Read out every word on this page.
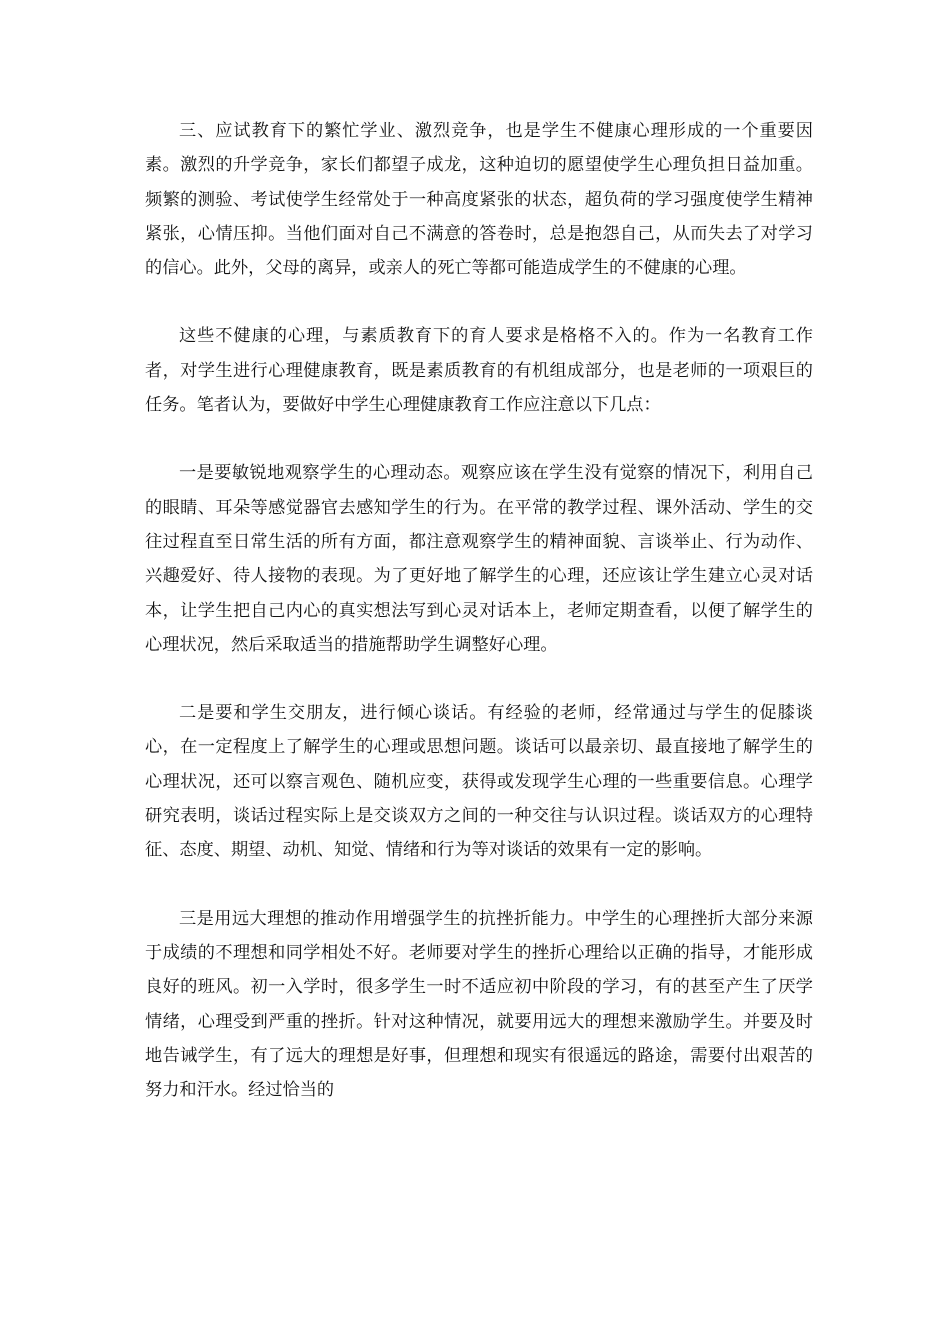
三、应试教育下的繁忙学业、激烈竞争，也是学生不健康心理形成的一个重要因素。激烈的升学竞争，家长们都望子成龙，这种迫切的愿望使学生心理负担日益加重。频繁的测验、考试使学生经常处于一种高度紧张的状态，超负荷的学习强度使学生精神紧张，心情压抑。当他们面对自己不满意的答卷时，总是抱怨自己，从而失去了对学习的信心。此外，父母的离异，或亲人的死亡等都可能造成学生的不健康的心理。

这些不健康的心理，与素质教育下的育人要求是格格不入的。作为一名教育工作者，对学生进行心理健康教育，既是素质教育的有机组成部分，也是老师的一项艰巨的任务。笔者认为，要做好中学生心理健康教育工作应注意以下几点：

一是要敏锐地观察学生的心理动态。观察应该在学生没有觉察的情况下，利用自己的眼睛、耳朵等感觉器官去感知学生的行为。在平常的教学过程、课外活动、学生的交往过程直至日常生活的所有方面，都注意观察学生的精神面貌、言谈举止、行为动作、兴趣爱好、待人接物的表现。为了更好地了解学生的心理，还应该让学生建立心灵对话本，让学生把自己内心的真实想法写到心灵对话本上，老师定期查看，以便了解学生的心理状况，然后采取适当的措施帮助学生调整好心理。

二是要和学生交朋友，进行倾心谈话。有经验的老师，经常通过与学生的促膝谈心，在一定程度上了解学生的心理或思想问题。谈话可以最亲切、最直接地了解学生的心理状况，还可以察言观色、随机应变，获得或发现学生心理的一些重要信息。心理学研究表明，谈话过程实际上是交谈双方之间的一种交往与认识过程。谈话双方的心理特征、态度、期望、动机、知觉、情绪和行为等对谈话的效果有一定的影响。

三是用远大理想的推动作用增强学生的抗挫折能力。中学生的心理挫折大部分来源于成绩的不理想和同学相处不好。老师要对学生的挫折心理给以正确的指导，才能形成良好的班风。初一入学时，很多学生一时不适应初中阶段的学习，有的甚至产生了厌学情绪，心理受到严重的挫折。针对这种情况，就要用远大的理想来激励学生。并要及时地告诫学生，有了远大的理想是好事，但理想和现实有很遥远的路途，需要付出艰苦的努力和汗水。经过恰当的
